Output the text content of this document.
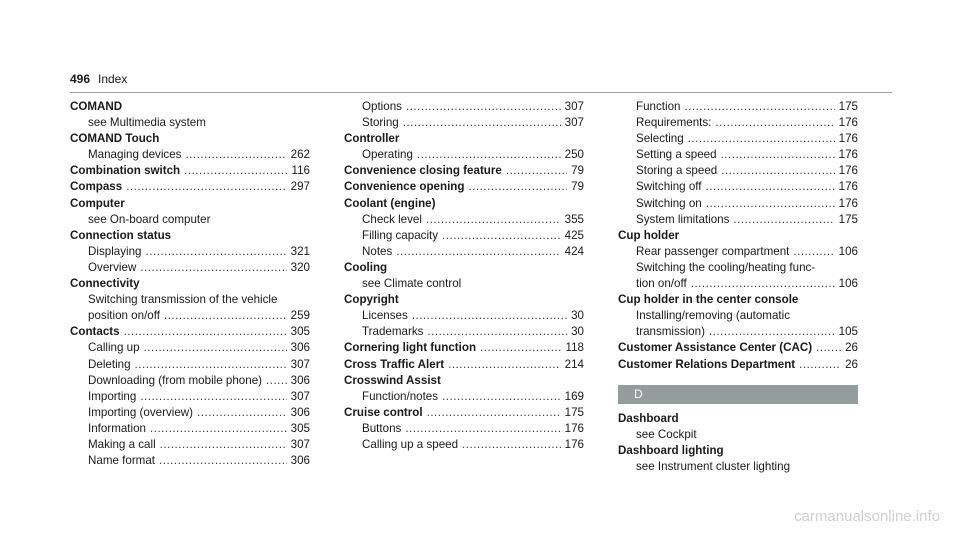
496 Index
COMAND
see Multimedia system
COMAND Touch
Managing devices .....	262
Combination switch .....	116
Compass .....	297
Computer
see On-board computer
Connection status
Displaying .....	321
Overview .....	320
Connectivity
Switching transmission of the vehicle
position on/off .....	259
Contacts .....	305
Calling up .....	306
Deleting .....	307
Downloading (from mobile phone) ..... 306
Importing .....	307
Importing (overview) .....	306
Information .....	305
Making a call .....	307
Name format .....	306
Options .....	307
Storing .....	307
Controller
Operating .....	250
Convenience closing feature .....	79
Convenience opening .....	79
Coolant (engine)
Check level .....	355
Filling capacity .....	425
Notes .....	424
Cooling
see Climate control
Copyright
Licenses .....	30
Trademarks .....	30
Cornering light function .....	118
Cross Traffic Alert .....	214
Crosswind Assist
Function/notes .....	169
Cruise control .....	175
Buttons .....	176
Calling up a speed .....	176
Function .....	175
Requirements: .....	176
Selecting .....	176
Setting a speed .....	176
Storing a speed .....	176
Switching off .....	176
Switching on .....	176
System limitations .....	175
Cup holder
Rear passenger compartment .....	106
Switching the cooling/heating func-
tion on/off .....	106
Cup holder in the center console
Installing/removing (automatic
transmission) .....	105
Customer Assistance Center (CAC) .....	26
Customer Relations Department .....	26
D
Dashboard
see Cockpit
Dashboard lighting
see Instrument cluster lighting
carmanualsonline.info
